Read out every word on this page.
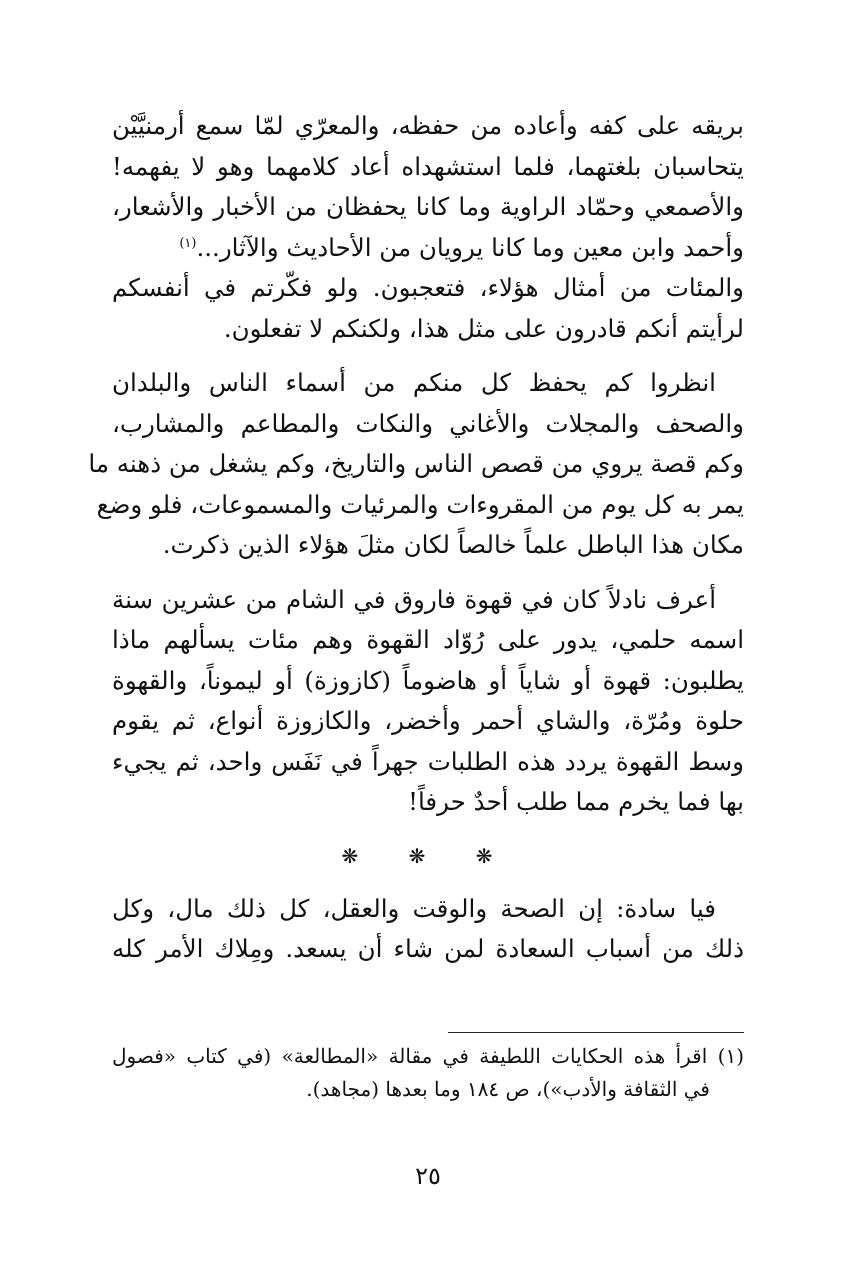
بريقه على كفه وأعاده من حفظه، والمعرّي لمّا سمع أرمنيَّيْن
يتحاسبان بلغتهما، فلما استشهداه أعاد كلامهما وهو لا يفهمه!
والأصمعي وحمّاد الراوية وما كانا يحفظان من الأخبار والأشعار،
وأحمد وابن معين وما كانا يرويان من الأحاديث والآثار...$^{(١)}$
والمئات من أمثال هؤلاء، فتعجبون. ولو فكّرتم في أنفسكم
لرأيتم أنكم قادرون على مثل هذا، ولكنكم لا تفعلون.

انظروا كم يحفظ كل منكم من أسماء الناس والبلدان
والصحف والمجلات والأغاني والنكات والمطاعم والمشارب،
وكم قصة يروي من قصص الناس والتاريخ، وكم يشغل من ذهنه ما
يمر به كل يوم من المقروءات والمرئيات والمسموعات، فلو وضع
مكان هذا الباطل علماً خالصاً لكان مثلَ هؤلاء الذين ذكرت.

أعرف نادلاً كان في قهوة فاروق في الشام من عشرين سنة
اسمه حلمي، يدور على رُوّاد القهوة وهم مئات يسألهم ماذا
يطلبون: قهوة أو شاياً أو هاضوماً (كازوزة) أو ليموناً، والقهوة
حلوة ومُرّة، والشاي أحمر وأخضر، والكازوزة أنواع، ثم يقوم
وسط القهوة يردد هذه الطلبات جهراً في نَفَس واحد، ثم يجيء
بها فما يخرم مما طلب أحدٌ حرفاً!

❋ ❋ ❋

فيا سادة: إن الصحة والوقت والعقل، كل ذلك مال، وكل
ذلك من أسباب السعادة لمن شاء أن يسعد. ومِلاك الأمر كله

(١) اقرأ هذه الحكايات اللطيفة في مقالة «المطالعة» (في كتاب «فصول
في الثقافة والأدب»)، ص ١٨٤ وما بعدها (مجاهد).
٢٥
